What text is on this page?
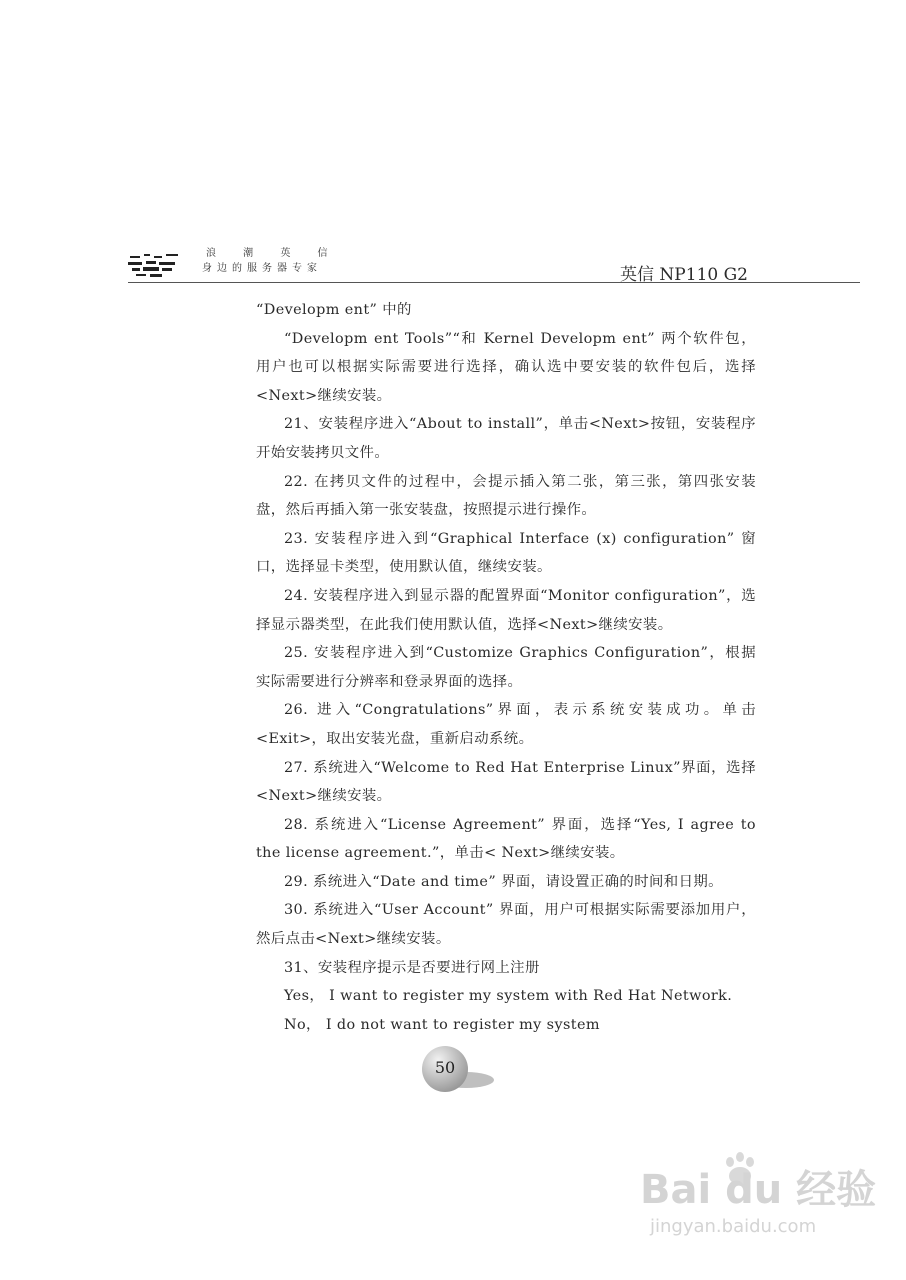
浪 潮 英 信
身边的服务器专家	英信 NP110 G2

“Developm ent” 中的

“Developm ent Tools”“和 Kernel Developm ent” 两个软件包， 用户也可以根据实际需要进行选择，确认选中要安装的软件包后，选择<Next>继续安装。

21、安装程序进入“About to install”，单击<Next>按钮，安装程序开始安装拷贝文件。

22. 在拷贝文件的过程中，会提示插入第二张，第三张，第四张安装盘，然后再插入第一张安装盘，按照提示进行操作。

23. 安装程序进入到“Graphical Interface (x) configuration” 窗口，选择显卡类型，使用默认值，继续安装。

24. 安装程序进入到显示器的配置界面“Monitor configuration”，选择显示器类型，在此我们使用默认值，选择<Next>继续安装。

25. 安装程序进入到“Customize Graphics Configuration”，根据实际需要进行分辨率和登录界面的选择。

26. 进入“Congratulations”界面，表示系统安装成功。单击<Exit>，取出安装光盘，重新启动系统。

27. 系统进入“Welcome to Red Hat Enterprise Linux”界面，选择<Next>继续安装。

28. 系统进入“License Agreement” 界面，选择“Yes, I agree to the license agreement.”，单击< Next>继续安装。

29. 系统进入“Date and time” 界面，请设置正确的时间和日期。

30. 系统进入“User Account” 界面，用户可根据实际需要添加用户，然后点击<Next>继续安装。

31、安装程序提示是否要进行网上注册

Yes， I want to register my system with Red Hat Network.

No， I do not want to register my system

50
Bai du 经验
jingyan.baidu.com
